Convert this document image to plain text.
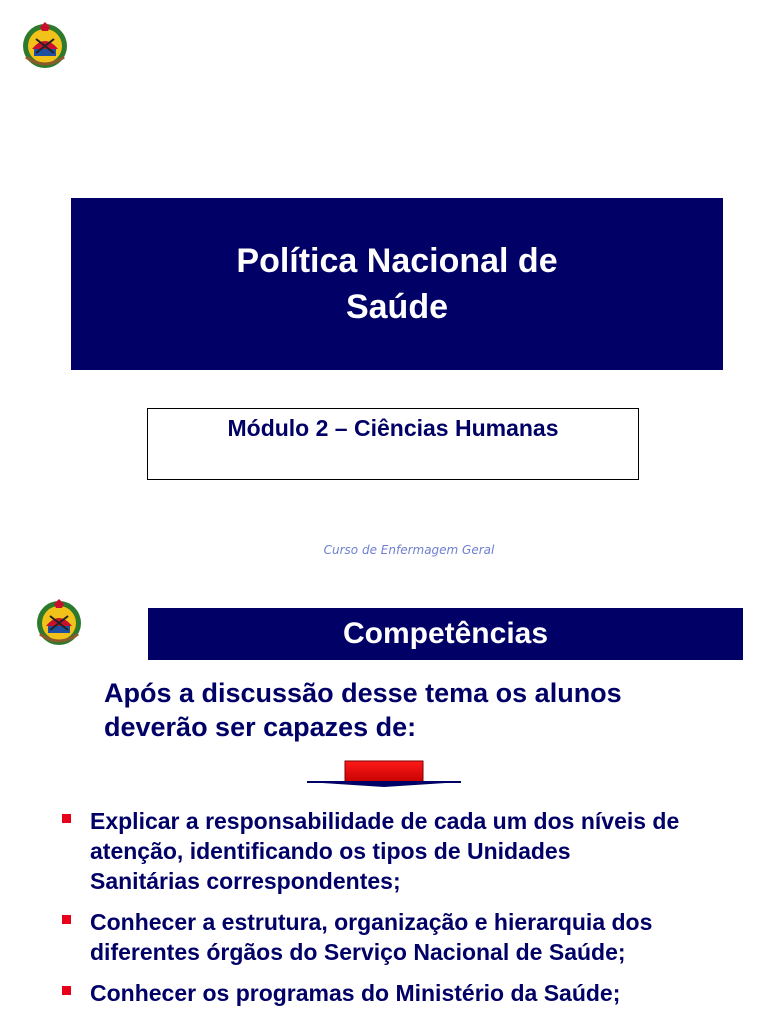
Política Nacional de
Saúde
Módulo 2 – Ciências Humanas
Curso de Enfermagem Geral
Competências
Após a discussão desse tema os alunos
deverão ser capazes de:
Explicar a responsabilidade de cada um dos níveis de
atenção, identificando os tipos de Unidades
Sanitárias correspondentes;
Conhecer a estrutura, organização e hierarquia dos
diferentes órgãos do Serviço Nacional de Saúde;
Conhecer os programas do Ministério da Saúde;
